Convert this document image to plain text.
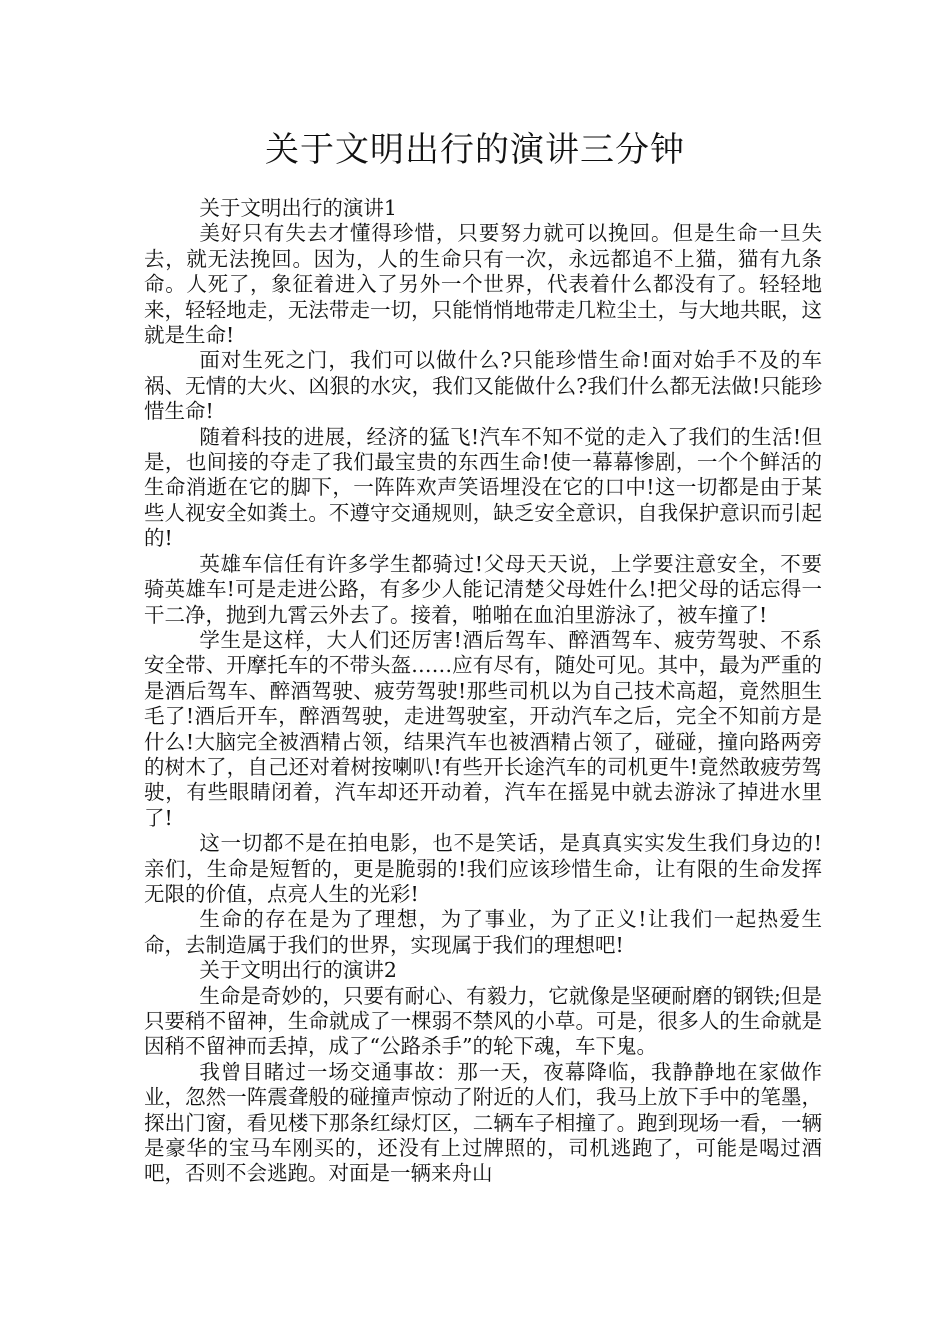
关于文明出行的演讲三分钟

关于文明出行的演讲1

美好只有失去才懂得珍惜，只要努力就可以挽回。但是生命一旦失去，就无法挽回。因为，人的生命只有一次，永远都追不上猫，猫有九条命。人死了，象征着进入了另外一个世界，代表着什么都没有了。轻轻地来，轻轻地走，无法带走一切，只能悄悄地带走几粒尘土，与大地共眠，这就是生命!

面对生死之门，我们可以做什么?只能珍惜生命!面对始手不及的车祸、无情的大火、凶狠的水灾，我们又能做什么?我们什么都无法做!只能珍惜生命!

随着科技的进展，经济的猛飞!汽车不知不觉的走入了我们的生活!但是，也间接的夺走了我们最宝贵的东西生命!使一幕幕惨剧，一个个鲜活的生命消逝在它的脚下，一阵阵欢声笑语埋没在它的口中!这一切都是由于某些人视安全如粪土。不遵守交通规则，缺乏安全意识，自我保护意识而引起的!

英雄车信任有许多学生都骑过!父母天天说，上学要注意安全，不要骑英雄车!可是走进公路，有多少人能记清楚父母姓什么!把父母的话忘得一干二净，抛到九霄云外去了。接着，啪啪在血泊里游泳了，被车撞了!

学生是这样，大人们还厉害!酒后驾车、醉酒驾车、疲劳驾驶、不系安全带、开摩托车的不带头盔……应有尽有，随处可见。其中，最为严重的是酒后驾车、醉酒驾驶、疲劳驾驶!那些司机以为自己技术高超，竟然胆生毛了!酒后开车，醉酒驾驶，走进驾驶室，开动汽车之后，完全不知前方是什么!大脑完全被酒精占领，结果汽车也被酒精占领了，碰碰，撞向路两旁的树木了，自己还对着树按喇叭!有些开长途汽车的司机更牛!竟然敢疲劳驾驶，有些眼睛闭着，汽车却还开动着，汽车在摇晃中就去游泳了掉进水里了!

这一切都不是在拍电影，也不是笑话，是真真实实发生我们身边的!亲们，生命是短暂的，更是脆弱的!我们应该珍惜生命，让有限的生命发挥无限的价值，点亮人生的光彩!

生命的存在是为了理想，为了事业，为了正义!让我们一起热爱生命，去制造属于我们的世界，实现属于我们的理想吧!

关于文明出行的演讲2

生命是奇妙的，只要有耐心、有毅力，它就像是坚硬耐磨的钢铁;但是只要稍不留神，生命就成了一棵弱不禁风的小草。可是，很多人的生命就是因稍不留神而丢掉，成了“公路杀手”的轮下魂，车下鬼。

我曾目睹过一场交通事故：那一天，夜幕降临，我静静地在家做作业，忽然一阵震聋般的碰撞声惊动了附近的人们，我马上放下手中的笔墨，探出门窗，看见楼下那条红绿灯区，二辆车子相撞了。跑到现场一看，一辆是豪华的宝马车刚买的，还没有上过牌照的，司机逃跑了，可能是喝过酒吧，否则不会逃跑。对面是一辆来舟山
